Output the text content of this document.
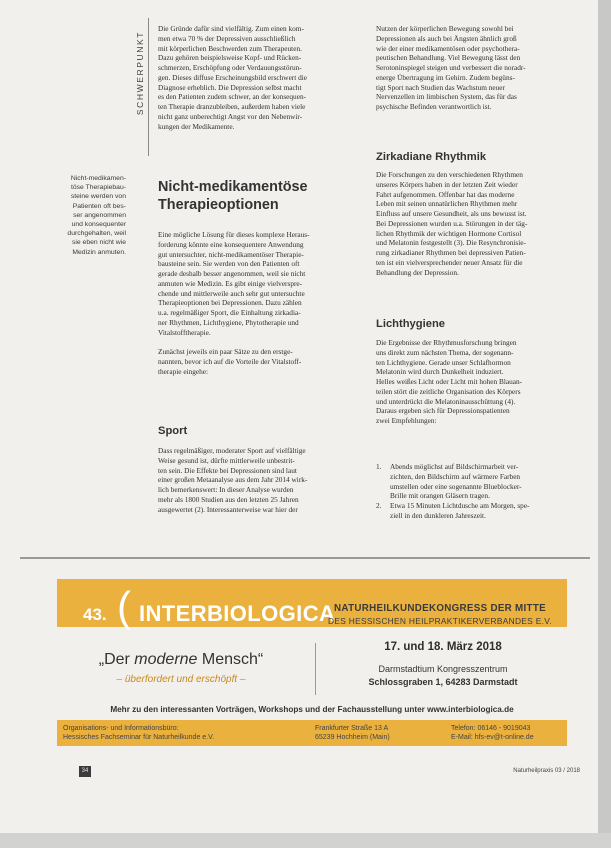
SCHWERPUNKT

Die Gründe dafür sind vielfältig. Zum einen kom-

men etwa 70 % der Depressiven ausschließlich

mit körperlichen Beschwerden zum Therapeuten.

Dazu gehören beispielsweise Kopf- und Rücken-

schmerzen, Erschöpfung oder Verdauungsstörun-

gen. Dieses diffuse Erscheinungsbild erschwert die

Diagnose erheblich. Die Depression selbst macht

es den Patienten zudem schwer, an der konsequen-

ten Therapie dranzubleiben, außerdem haben viele

nicht ganz unberechtigt Angst vor den Nebenwir-

kungen der Medikamente.

Nicht-medikamen-
töse Therapiebau-
steine werden von
Patienten oft bes-
ser angenommen
und konsequenter
durchgehalten, weil
sie eben nicht wie
Medizin anmuten.
Nicht-medikamentöse
Therapieoptionen

Eine mögliche Lösung für dieses komplexe Heraus-

forderung könnte eine konsequentere Anwendung

gut untersuchter, nicht-medikamentöser Therapie-

bausteine sein. Sie werden von den Patienten oft

gerade deshalb besser angenommen, weil sie nicht

anmuten wie Medizin. Es gibt einige vielverspre-

chende und mittlerweile auch sehr gut untersuchte

Therapieoptionen bei Depressionen. Dazu zählen

u.a. regelmäßiger Sport, die Einhaltung zirkadia-

ner Rhythmen, Lichthygiene, Phytotherapie und

Vitalstofftherapie.

Zunächst jeweils ein paar Sätze zu den erstge-

nannten, bevor ich auf die Vorteile der Vitalstoff-

therapie eingehe:

Sport

Dass regelmäßiger, moderater Sport auf vielfältige

Weise gesund ist, dürfte mittlerweile unbestrit-

ten sein. Die Effekte bei Depressionen sind laut

einer großen Metaanalyse aus dem Jahr 2014 wirk-

lich bemerkenswert: In dieser Analyse wurden

mehr als 1800 Studien aus den letzten 25 Jahren

ausgewertet (2). Interessanterweise war hier der

Nutzen der körperlichen Bewegung sowohl bei

Depressionen als auch bei Ängsten ähnlich groß

wie der einer medikamentösen oder psychothera-

peutischen Behandlung. Viel Bewegung lässt den

Serotoninspiegel steigen und verbessert die noradr-

energe Übertragung im Gehirn. Zudem begüns-

tigt Sport nach Studien das Wachstum neuer

Nervenzellen im limbischen System, das für das

psychische Befinden verantwortlich ist.

Zirkadiane Rhythmik

Die Forschungen zu den verschiedenen Rhythmen

unseres Körpers haben in der letzten Zeit wieder

Fahrt aufgenommen. Offenbar hat das moderne

Leben mit seinen unnatürlichen Rhythmen mehr

Einfluss auf unsere Gesundheit, als uns bewusst ist.

Bei Depressionen wurden u.a. Störungen in der täg-

lichen Rhythmik der wichtigen Hormone Cortisol

und Melatonin festgestellt (3). Die Resynchronisie-

rung zirkadianer Rhythmen bei depressiven Patien-

ten ist ein vielversprechender neuer Ansatz für die

Behandlung der Depression.

Lichthygiene

Die Ergebnisse der Rhythmusforschung bringen

uns direkt zum nächsten Thema, der sogenann-

ten Lichthygiene. Gerade unser Schlafhormon

Melatonin wird durch Dunkelheit induziert.

Helles weißes Licht oder Licht mit hohen Blauan-

teilen stört die zeitliche Organisation des Körpers

und unterdrückt die Melatoninausschüttung (4).

Daraus ergeben sich für Depressionspatienten

zwei Empfehlungen:

1.	Abends möglichst auf Bildschirmarbeit ver-
zichten, den Bildschirm auf wärmere Farben
umstellen oder eine sogenannte Blueblocker-
Brille mit orangen Gläsern tragen.
2.	Etwa 15 Minuten Lichtdusche am Morgen, spe-
ziell in den dunkleren Jahreszeit.
43. ( INTERBIOLOGICA
NATURHEILKUNDEKONGRESS DER MITTE
DES HESSISCHEN HEILPRAKTIKERVERBANDES E.V.
„Der moderne Mensch“
– überfordert und erschöpft –
17. und 18. März 2018
Darmstadtium Kongresszentrum
Schlossgraben 1, 64283 Darmstadt
Mehr zu den interessanten Vorträgen, Workshops und der Fachausstellung unter www.interbiologica.de
Organisations- und Informationsbüro:
Hessisches Fachseminar für Naturheilkunde e.V.
Frankfurter Straße 13 A
65239 Hochheim (Main)
Telefon: 06146 - 9019043
E-Mail: hfs-ev@t-online.de
34	Naturheilpraxis 03 / 2018
